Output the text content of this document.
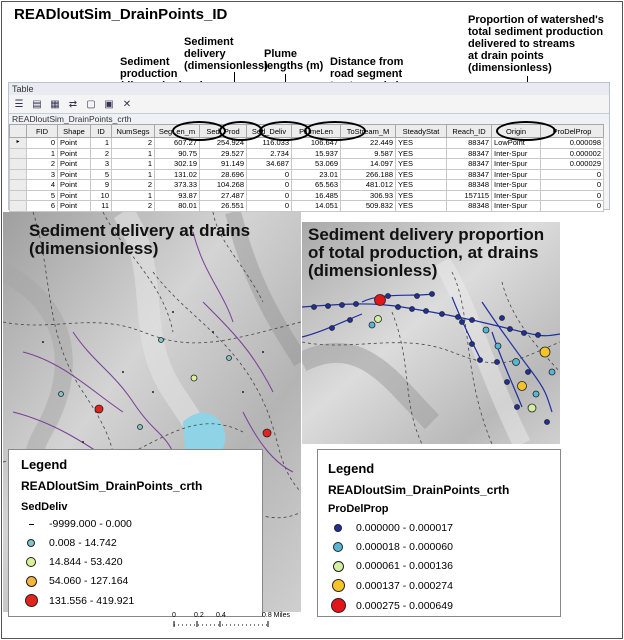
READloutSim_DrainPoints_ID
Sediment
production

Sediment
delivery
(dimensionless)
Plume
lengths (m) Distance from
road segment

Proportion of watershed's
total sediment production
delivered to streams
at drain points
(dimensionless)
Table
☰ ▤ ▦ ⇄ ▢ ▣ ✕
READloutSim_DrainPoints_crth
	FID	Shape	ID	NumSegs	SegLen_m	Sed_Prod	Sed_Deliv	PlumeLen	ToStream_M	SteadyStat	Reach_ID	Origin	ProDelProp
▸	0	Point	1	2	607.27	254.924	116.033	106.647	22.449	YES	88347	LowPoint	0.000098
	1	Point	2	1	90.75	29.527	2.734	15.937	9.587	YES	88347	Inter-Spur	0.000002
	2	Point	3	1	302.19	91.149	34.687	53.069	14.097	YES	88347	Inter-Spur	0.000029
	3	Point	5	1	131.02	28.696	0	23.01	266.188	YES	88347	Inter-Spur	0
	4	Point	9	2	373.33	104.268	0	65.563	481.012	YES	88348	Inter-Spur	0
	5	Point	10	1	93.87	27.487	0	16.485	306.93	YES	157115	Inter-Spur	0
	6	Point	11	2	80.01	26.551	0	14.051	509.832	YES	88348	Inter-Spur	0
Sediment delivery at drains
(dimensionless)
Sediment delivery proportion
of total production, at drains
(dimensionless)
Legend
READloutSim_DrainPoints_crth
SedDeliv
-9999.000 - 0.000
0.008 - 14.742
14.844 - 53.420
54.060 - 127.164
131.556 - 419.921
Legend
READloutSim_DrainPoints_crth
ProDelProp
0.000000 - 0.000017
0.000018 - 0.000060
0.000061 - 0.000136
0.000137 - 0.000274
0.000275 - 0.000649
0	0.2 0.4	0.8 Miles
